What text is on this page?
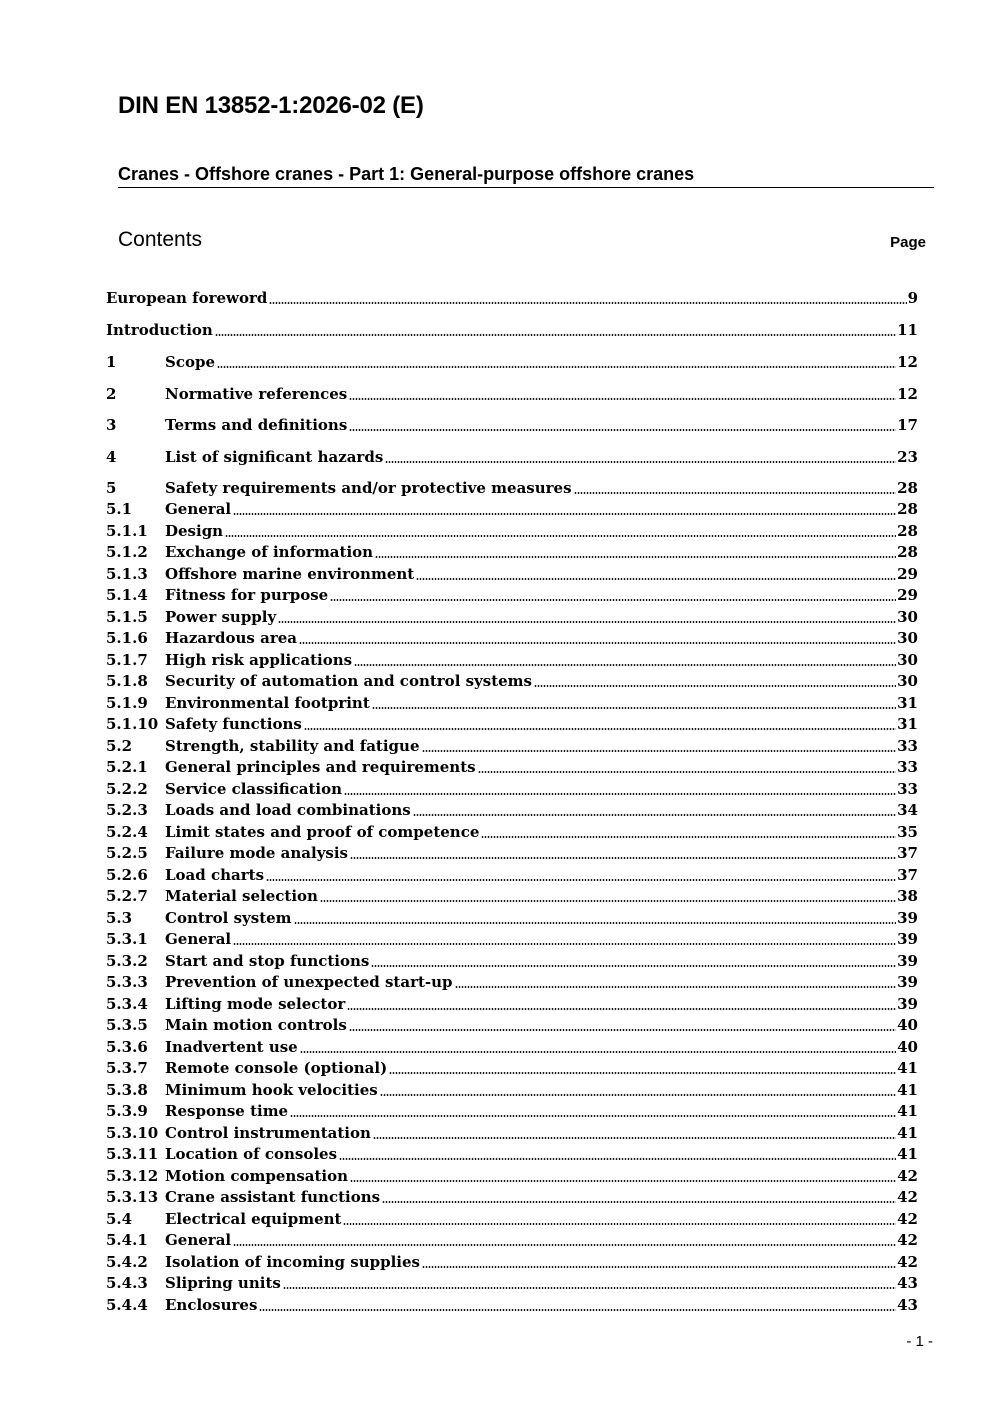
DIN EN 13852-1:2026-02 (E)
Cranes - Offshore cranes - Part 1: General-purpose offshore cranes
Contents	Page
European foreword	9
Introduction	11
1	Scope	12
2	Normative references	12
3	Terms and definitions	17
4	List of significant hazards	23
5	Safety requirements and/or protective measures	28
5.1	General	28
5.1.1	Design	28
5.1.2	Exchange of information	28
5.1.3	Offshore marine environment	29
5.1.4	Fitness for purpose	29
5.1.5	Power supply	30
5.1.6	Hazardous area	30
5.1.7	High risk applications	30
5.1.8	Security of automation and control systems	30
5.1.9	Environmental footprint	31
5.1.10 Safety functions	31
5.2	Strength, stability and fatigue	33
5.2.1	General principles and requirements	33
5.2.2	Service classification	33
5.2.3	Loads and load combinations	34
5.2.4	Limit states and proof of competence	35
5.2.5	Failure mode analysis	37
5.2.6	Load charts	37
5.2.7	Material selection	38
5.3	Control system	39
5.3.1	General	39
5.3.2	Start and stop functions	39
5.3.3	Prevention of unexpected start-up	39
5.3.4	Lifting mode selector	39
5.3.5	Main motion controls	40
5.3.6	Inadvertent use	40
5.3.7	Remote console (optional)	41
5.3.8	Minimum hook velocities	41
5.3.9	Response time	41
5.3.10 Control instrumentation	41
5.3.11 Location of consoles	41
5.3.12 Motion compensation	42
5.3.13 Crane assistant functions	42
5.4	Electrical equipment	42
5.4.1	General	42
5.4.2	Isolation of incoming supplies	42
5.4.3	Slipring units	43
5.4.4	Enclosures	43
- 1 -
